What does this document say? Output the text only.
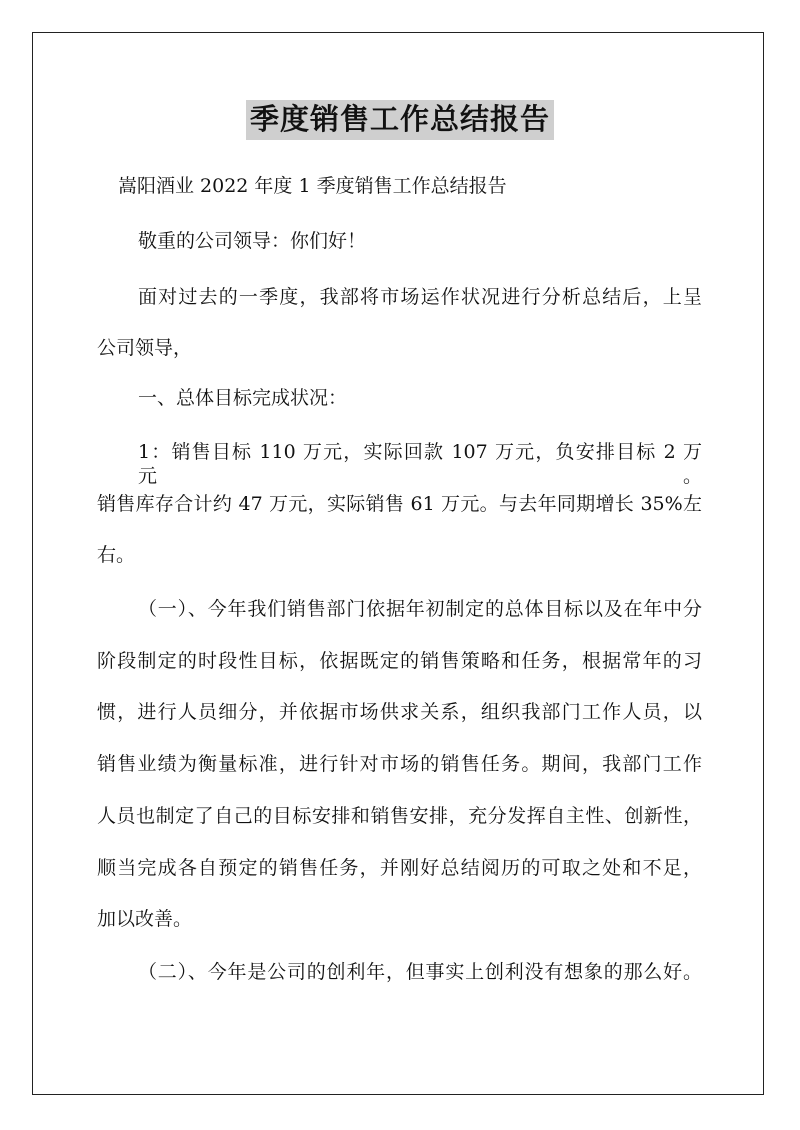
季度销售工作总结报告
嵩阳酒业 2022 年度 1 季度销售工作总结报告
敬重的公司领导：你们好！
面对过去的一季度，我部将市场运作状况进行分析总结后，上呈
公司领导，
一、总体目标完成状况：
1：销售目标 110 万元，实际回款 107 万元，负安排目标 2 万元。
销售库存合计约 47 万元，实际销售 61 万元。与去年同期增长 35%左
右。
（一）、今年我们销售部门依据年初制定的总体目标以及在年中分
阶段制定的时段性目标，依据既定的销售策略和任务，根据常年的习
惯，进行人员细分，并依据市场供求关系，组织我部门工作人员，以
销售业绩为衡量标准，进行针对市场的销售任务。期间，我部门工作
人员也制定了自己的目标安排和销售安排，充分发挥自主性、创新性，
顺当完成各自预定的销售任务，并刚好总结阅历的可取之处和不足，
加以改善。
（二）、今年是公司的创利年，但事实上创利没有想象的那么好。
